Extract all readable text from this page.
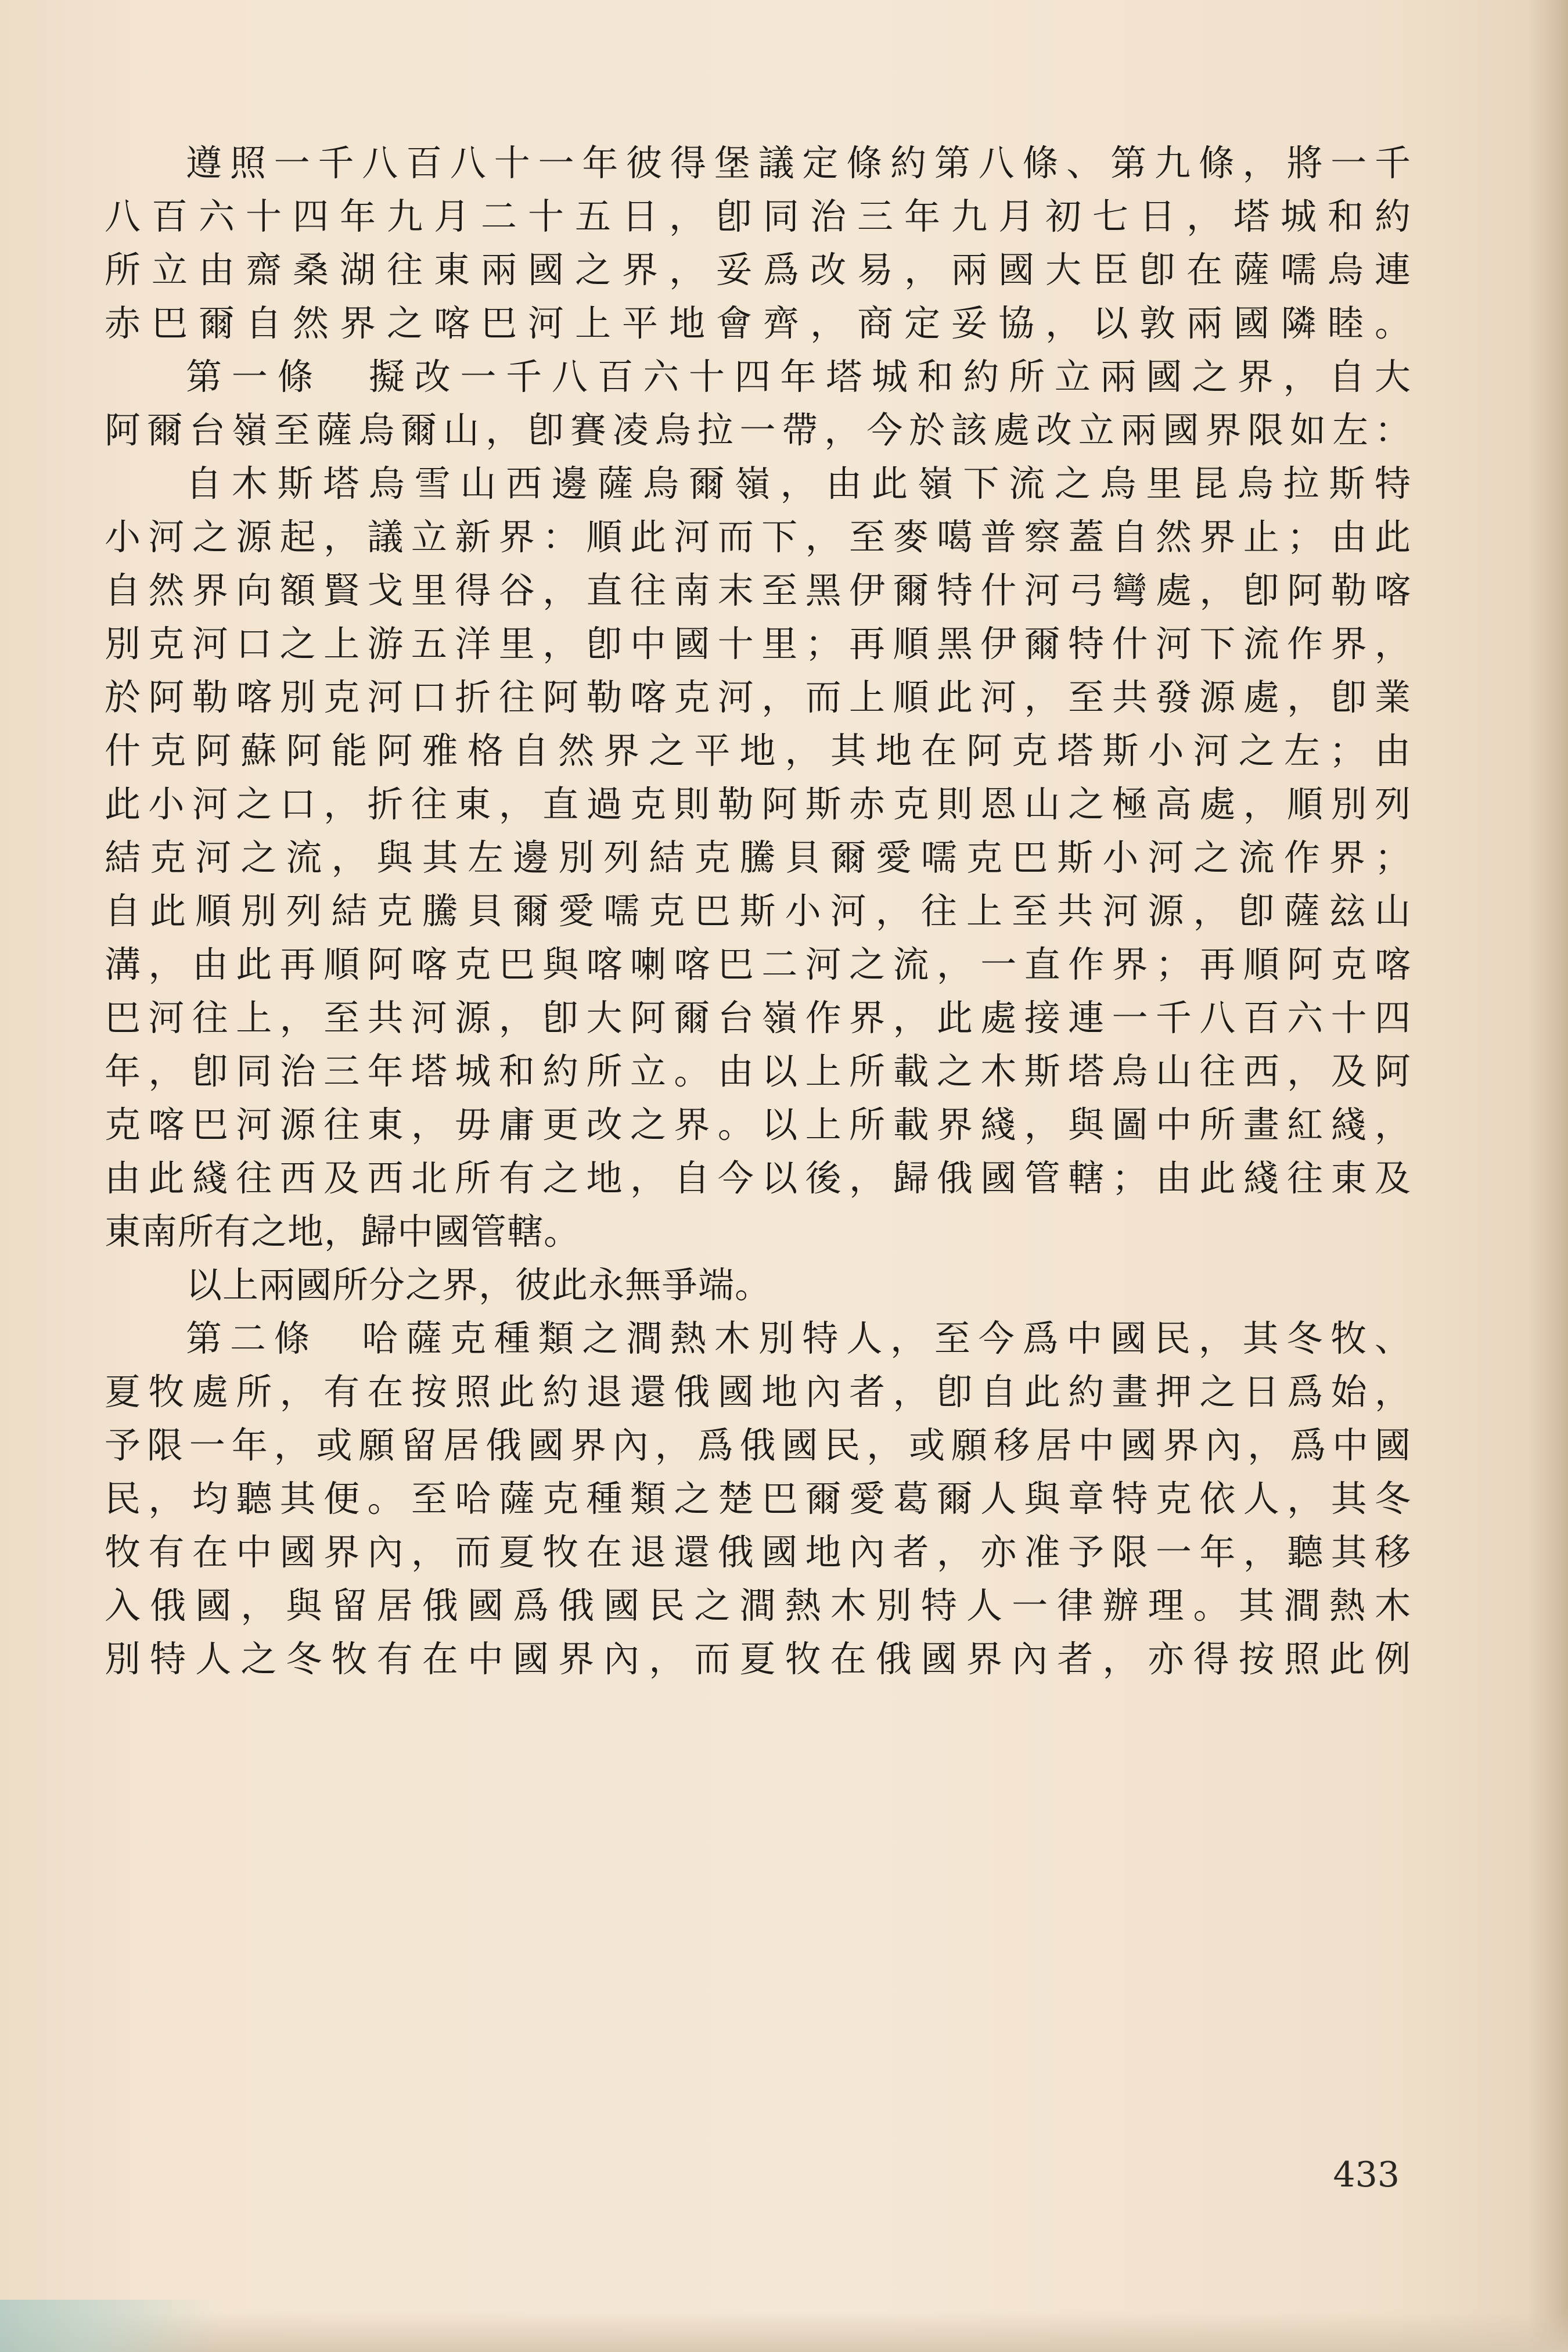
遵照一千八百八十一年彼得堡議定條約第八條、第九條，將一千
八百六十四年九月二十五日，卽同治三年九月初七日，塔城和約
所立由齋桑湖往東兩國之界，妥爲改易，兩國大臣卽在薩嚅烏連
赤巴爾自然界之喀巴河上平地會齊，商定妥協，以敦兩國隣睦。
第一條　擬改一千八百六十四年塔城和約所立兩國之界，自大
阿爾台嶺至薩烏爾山，卽賽凌烏拉一帶，今於該處改立兩國界限如左：
自木斯塔烏雪山西邊薩烏爾嶺，由此嶺下流之烏里昆烏拉斯特
小河之源起，議立新界：順此河而下，至麥噶普察蓋自然界止；由此
自然界向額賢戈里得谷，直往南末至黑伊爾特什河弓彎處，卽阿勒喀
別克河口之上游五洋里，卽中國十里；再順黑伊爾特什河下流作界，
於阿勒喀別克河口折往阿勒喀克河，而上順此河，至共發源處，卽業
什克阿蘇阿能阿雅格自然界之平地，其地在阿克塔斯小河之左；由
此小河之口，折往東，直過克則勒阿斯赤克則恩山之極高處，順別列
結克河之流，與其左邊別列結克騰貝爾愛嚅克巴斯小河之流作界；
自此順別列結克騰貝爾愛嚅克巴斯小河，往上至共河源，卽薩玆山
溝，由此再順阿喀克巴與喀喇喀巴二河之流，一直作界；再順阿克喀
巴河往上，至共河源，卽大阿爾台嶺作界，此處接連一千八百六十四
年，卽同治三年塔城和約所立。由以上所載之木斯塔烏山往西，及阿
克喀巴河源往東，毋庸更改之界。以上所載界綫，與圖中所畫紅綫，
由此綫往西及西北所有之地，自今以後，歸俄國管轄；由此綫往東及
東南所有之地，歸中國管轄。
以上兩國所分之界，彼此永無爭端。
第二條　哈薩克種類之澗熱木別特人，至今爲中國民，其冬牧、
夏牧處所，有在按照此約退還俄國地內者，卽自此約畫押之日爲始，
予限一年，或願留居俄國界內，爲俄國民，或願移居中國界內，爲中國
民，均聽其便。至哈薩克種類之楚巴爾愛葛爾人與章特克依人，其冬
牧有在中國界內，而夏牧在退還俄國地內者，亦准予限一年，聽其移
入俄國，與留居俄國爲俄國民之澗熱木別特人一律辦理。其澗熱木
別特人之冬牧有在中國界內，而夏牧在俄國界內者，亦得按照此例
433
